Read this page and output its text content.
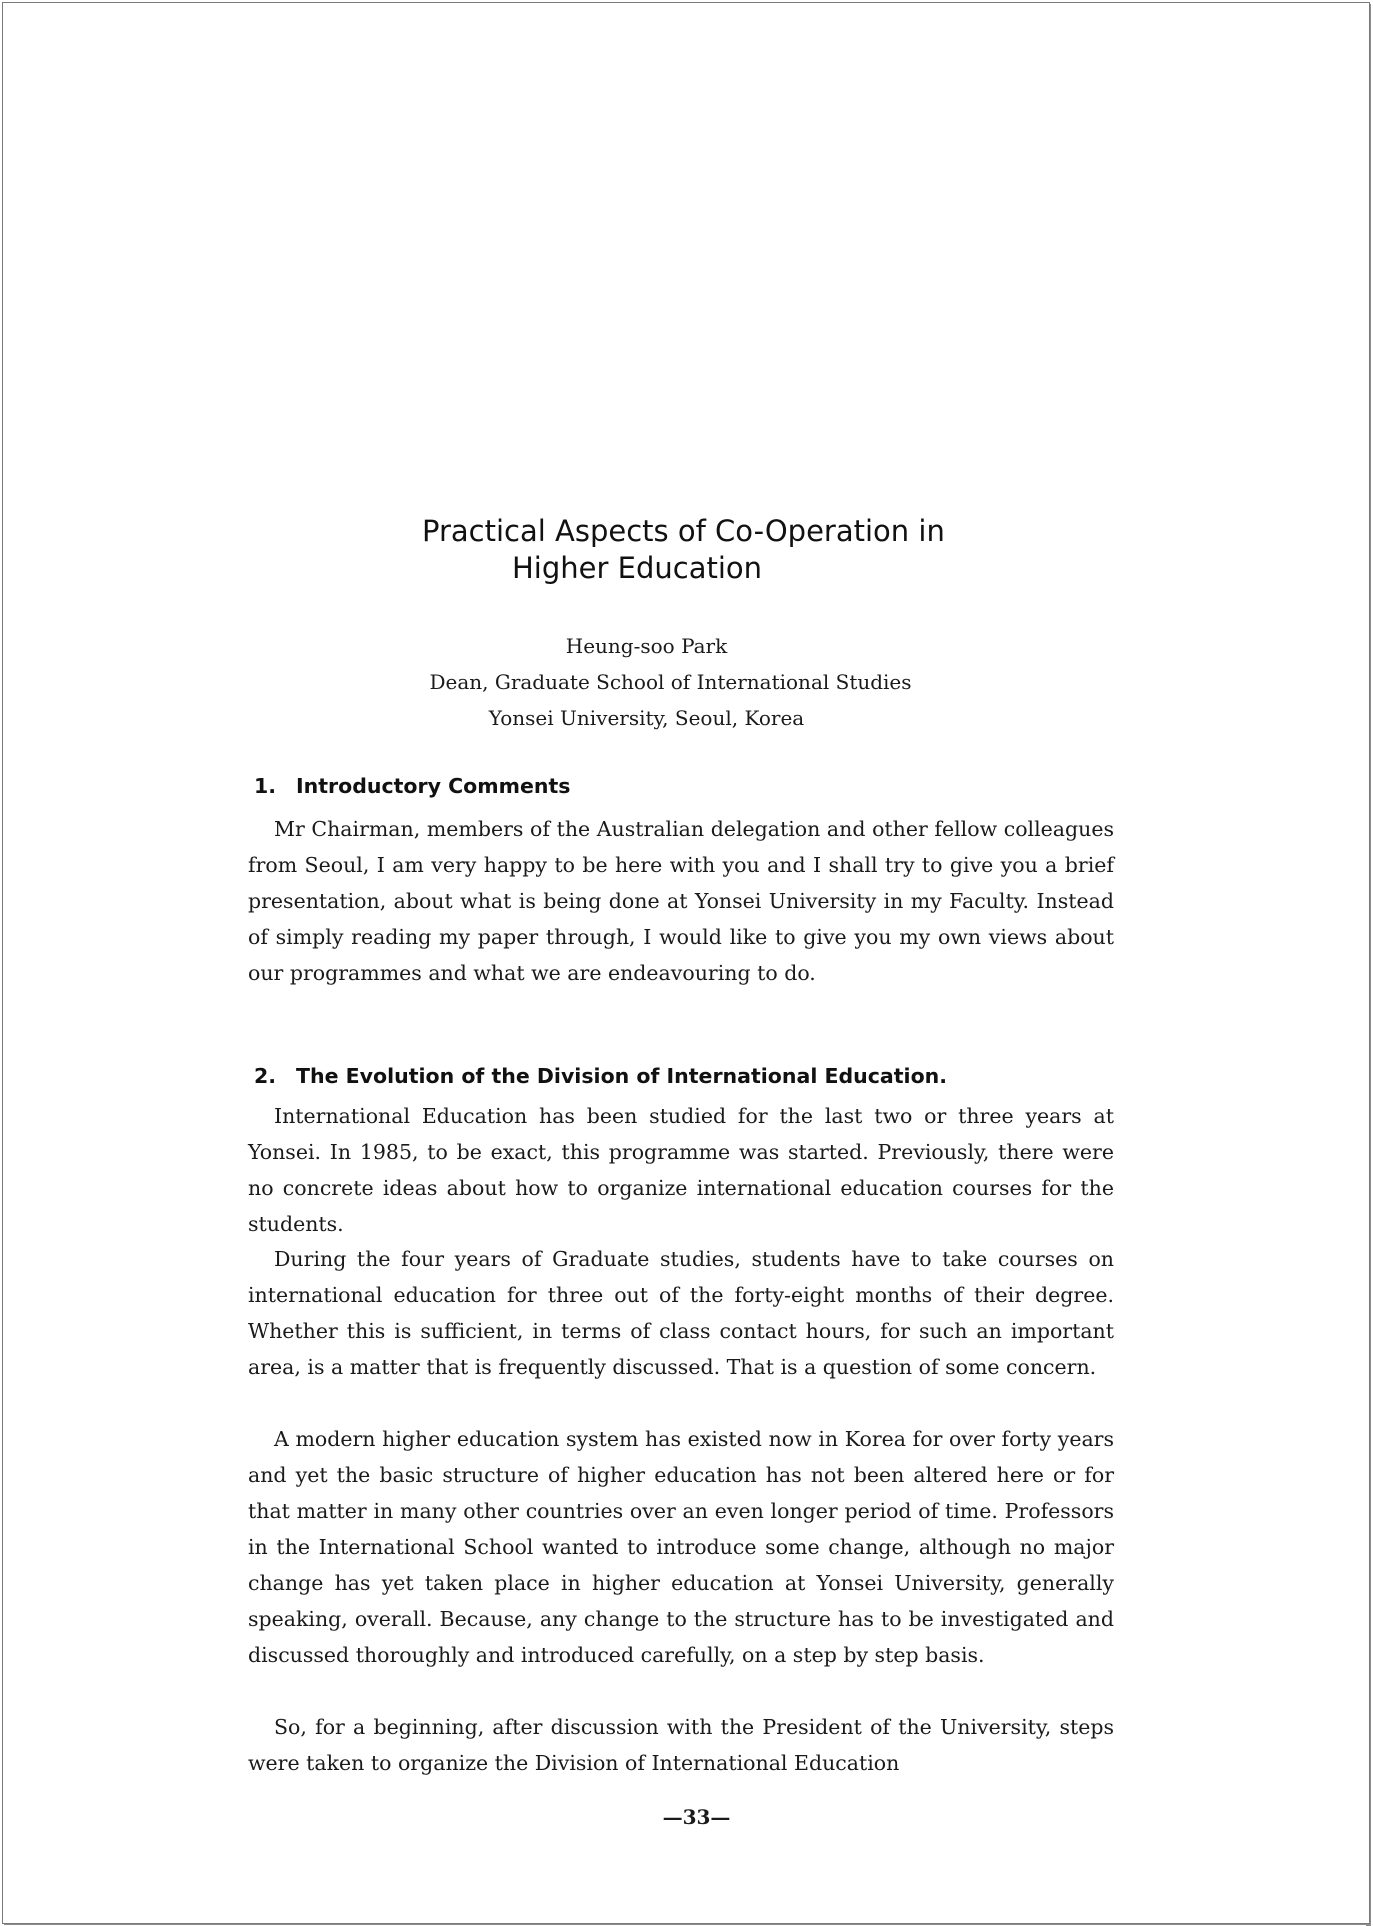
Practical Aspects of Co-Operation in
Higher Education
Heung-soo Park
Dean, Graduate School of International Studies
Yonsei University, Seoul, Korea
1. Introductory Comments

Mr Chairman, members of the Australian delegation and other fellow colleagues from Seoul, I am very happy to be here with you and I shall try to give you a brief presentation, about what is being done at Yonsei University in my Faculty. Instead of simply reading my paper through, I would like to give you my own views about our programmes and what we are endeavouring to do.

2. The Evolution of the Division of International Education.

International Education has been studied for the last two or three years at Yonsei. In 1985, to be exact, this programme was started. Previously, there were no concrete ideas about how to organize international education courses for the students.

During the four years of Graduate studies, students have to take courses on international education for three out of the forty-eight months of their degree. Whether this is sufficient, in terms of class contact hours, for such an important area, is a matter that is frequently discussed. That is a question of some concern.

A modern higher education system has existed now in Korea for over forty years and yet the basic structure of higher education has not been altered here or for that matter in many other countries over an even longer period of time. Professors in the International School wanted to introduce some change, although no major change has yet taken place in higher education at Yonsei University, generally speaking, overall. Because, any change to the structure has to be investigated and discussed thoroughly and introduced carefully, on a step by step basis.

So, for a beginning, after discussion with the President of the University, steps were taken to organize the Division of International Education

—33—
